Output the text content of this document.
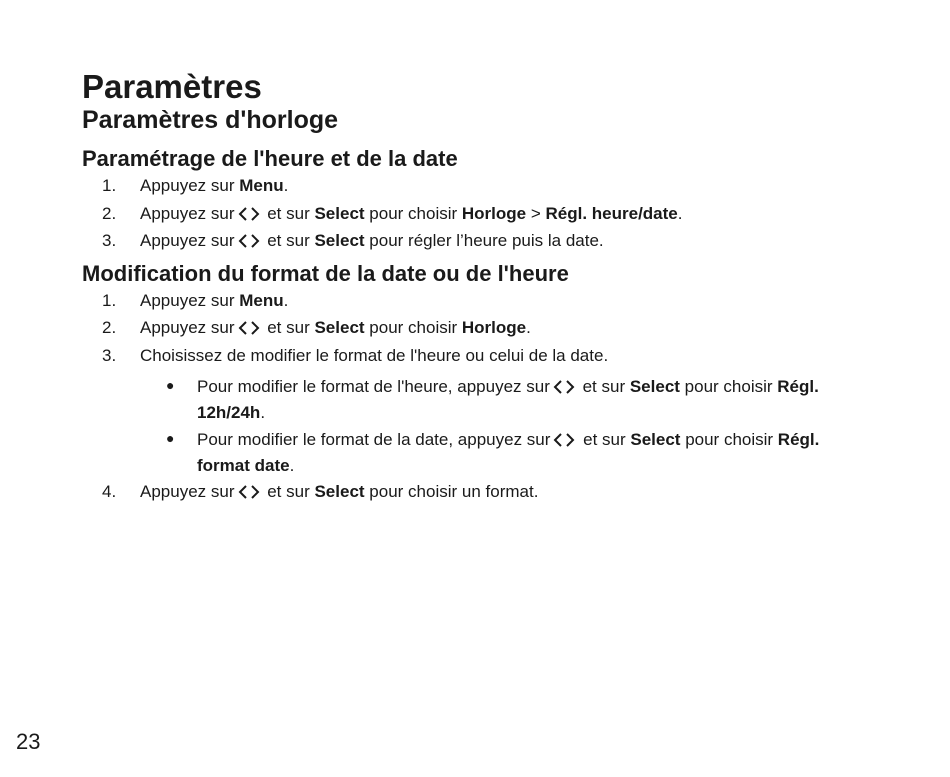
Paramètres
Paramètres d'horloge
Paramétrage de l'heure et de la date
1.	Appuyez sur Menu.
2.	Appuyez sur et sur Select pour choisir Horloge > Régl. heure/date.
3.	Appuyez sur et sur Select pour régler l’heure puis la date.
Modification du format de la date ou de l'heure
1.	Appuyez sur Menu.
2.	Appuyez sur et sur Select pour choisir Horloge.
3.	Choisissez de modifier le format de l'heure ou celui de la date.
● Pour modifier le format de l'heure, appuyez sur et sur Select pour choisir Régl. 12h/24h.
● Pour modifier le format de la date, appuyez sur et sur Select pour choisir Régl. format date.
4.	Appuyez sur et sur Select pour choisir un format.
23
